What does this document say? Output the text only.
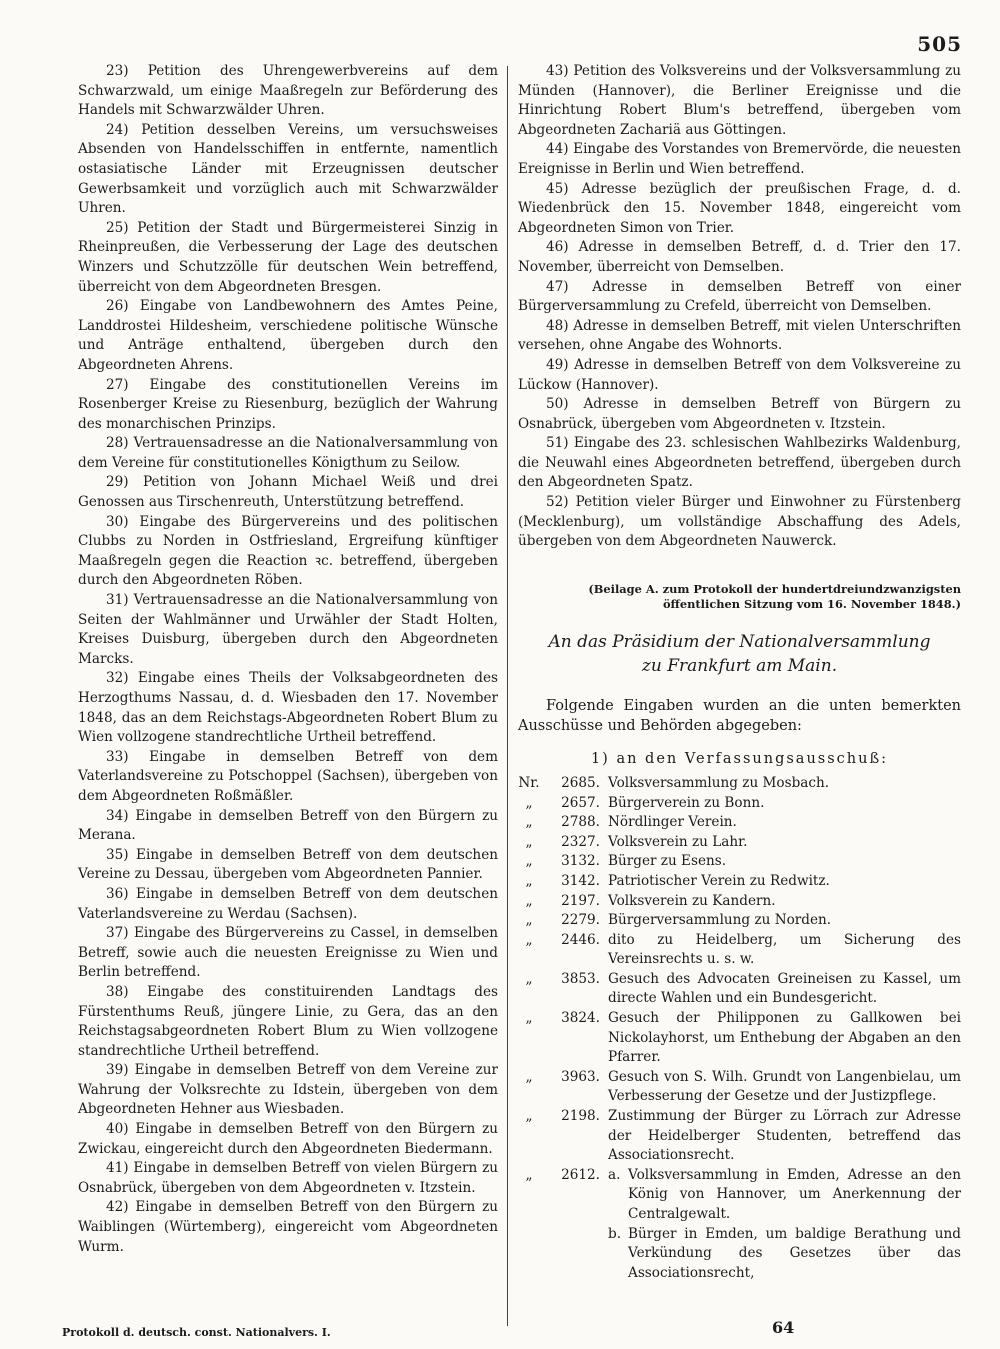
505

23) Petition des Uhrengewerbvereins auf dem Schwarzwald, um einige Maaßregeln zur Beförderung des Handels mit Schwarzwälder Uhren.

24) Petition desselben Vereins, um versuchsweises Absenden von Handelsschiffen in entfernte, namentlich ostasiatische Länder mit Erzeugnissen deutscher Gewerbsamkeit und vorzüglich auch mit Schwarzwälder Uhren.

25) Petition der Stadt und Bürgermeisterei Sinzig in Rheinpreußen, die Verbesserung der Lage des deutschen Winzers und Schutzzölle für deutschen Wein betreffend, überreicht von dem Abgeordneten Bresgen.

26) Eingabe von Landbewohnern des Amtes Peine, Landdrostei Hildesheim, verschiedene politische Wünsche und Anträge enthaltend, übergeben durch den Abgeordneten Ahrens.

27) Eingabe des constitutionellen Vereins im Rosenberger Kreise zu Riesenburg, bezüglich der Wahrung des monarchischen Prinzips.

28) Vertrauensadresse an die Nationalversammlung von dem Vereine für constitutionelles Königthum zu Seilow.

29) Petition von Johann Michael Weiß und drei Genossen aus Tirschenreuth, Unterstützung betreffend.

30) Eingabe des Bürgervereins und des politischen Clubbs zu Norden in Ostfriesland, Ergreifung künftiger Maaßregeln gegen die Reaction ꝛc. betreffend, übergeben durch den Abgeordneten Röben.

31) Vertrauensadresse an die Nationalversammlung von Seiten der Wahlmänner und Urwähler der Stadt Holten, Kreises Duisburg, übergeben durch den Abgeordneten Marcks.

32) Eingabe eines Theils der Volksabgeordneten des Herzogthums Nassau, d. d. Wiesbaden den 17. November 1848, das an dem Reichstags-Abgeordneten Robert Blum zu Wien vollzogene standrechtliche Urtheil betreffend.

33) Eingabe in demselben Betreff von dem Vaterlandsvereine zu Potschoppel (Sachsen), übergeben von dem Abgeordneten Roßmäßler.

34) Eingabe in demselben Betreff von den Bürgern zu Merana.

35) Eingabe in demselben Betreff von dem deutschen Vereine zu Dessau, übergeben vom Abgeordneten Pannier.

36) Eingabe in demselben Betreff von dem deutschen Vaterlandsvereine zu Werdau (Sachsen).

37) Eingabe des Bürgervereins zu Cassel, in demselben Betreff, sowie auch die neuesten Ereignisse zu Wien und Berlin betreffend.

38) Eingabe des constituirenden Landtags des Fürstenthums Reuß, jüngere Linie, zu Gera, das an den Reichstagsabgeordneten Robert Blum zu Wien vollzogene standrechtliche Urtheil betreffend.

39) Eingabe in demselben Betreff von dem Vereine zur Wahrung der Volksrechte zu Idstein, übergeben von dem Abgeordneten Hehner aus Wiesbaden.

40) Eingabe in demselben Betreff von den Bürgern zu Zwickau, eingereicht durch den Abgeordneten Biedermann.

41) Eingabe in demselben Betreff von vielen Bürgern zu Osnabrück, übergeben von dem Abgeordneten v. Itzstein.

42) Eingabe in demselben Betreff von den Bürgern zu Waiblingen (Würtemberg), eingereicht vom Abgeordneten Wurm.

43) Petition des Volksvereins und der Volksversammlung zu Münden (Hannover), die Berliner Ereignisse und die Hinrichtung Robert Blum's betreffend, übergeben vom Abgeordneten Zachariä aus Göttingen.

44) Eingabe des Vorstandes von Bremervörde, die neuesten Ereignisse in Berlin und Wien betreffend.

45) Adresse bezüglich der preußischen Frage, d. d. Wiedenbrück den 15. November 1848, eingereicht vom Abgeordneten Simon von Trier.

46) Adresse in demselben Betreff, d. d. Trier den 17. November, überreicht von Demselben.

47) Adresse in demselben Betreff von einer Bürgerversammlung zu Crefeld, überreicht von Demselben.

48) Adresse in demselben Betreff, mit vielen Unterschriften versehen, ohne Angabe des Wohnorts.

49) Adresse in demselben Betreff von dem Volksvereine zu Lückow (Hannover).

50) Adresse in demselben Betreff von Bürgern zu Osnabrück, übergeben vom Abgeordneten v. Itzstein.

51) Eingabe des 23. schlesischen Wahlbezirks Waldenburg, die Neuwahl eines Abgeordneten betreffend, übergeben durch den Abgeordneten Spatz.

52) Petition vieler Bürger und Einwohner zu Fürstenberg (Mecklenburg), um vollständige Abschaffung des Adels, übergeben von dem Abgeordneten Nauwerck.

(Beilage A. zum Protokoll der hundertdreiundzwanzigsten
öffentlichen Sitzung vom 16. November 1848.)
An das Präsidium der Nationalversammlung
zu Frankfurt am Main.

Folgende Eingaben wurden an die unten bemerkten Ausschüsse und Behörden abgegeben:

1) an den Verfassungsausschuß:

Nr.	2685. Volksversammlung zu Mosbach.
„	2657. Bürgerverein zu Bonn.
„	2788. Nördlinger Verein.
„	2327. Volksverein zu Lahr.
„	3132. Bürger zu Esens.
„	3142. Patriotischer Verein zu Redwitz.
„	2197. Volksverein zu Kandern.
„	2279. Bürgerversammlung zu Norden.
„	2446. dito zu Heidelberg, um Sicherung des Vereinsrechts u. s. w.
„	3853. Gesuch des Advocaten Greineisen zu Kassel, um directe Wahlen und ein Bundesgericht.
„	3824. Gesuch der Philipponen zu Gallkowen bei Nickolayhorst, um Enthebung der Abgaben an den Pfarrer.
„	3963. Gesuch von S. Wilh. Grundt von Langenbielau, um Verbesserung der Gesetze und der Justizpflege.
„	2198. Zustimmung der Bürger zu Lörrach zur Adresse der Heidelberger Studenten, betreffend das Associationsrecht.
„	2612. a. Volksversammlung in Emden, Adresse an den König von Hannover, um Anerkennung der Centralgewalt.
b. Bürger in Emden, um baldige Berathung und Verkündung des Gesetzes über das Associationsrecht,
Protokoll d. deutsch. const. Nationalvers. I.	64
